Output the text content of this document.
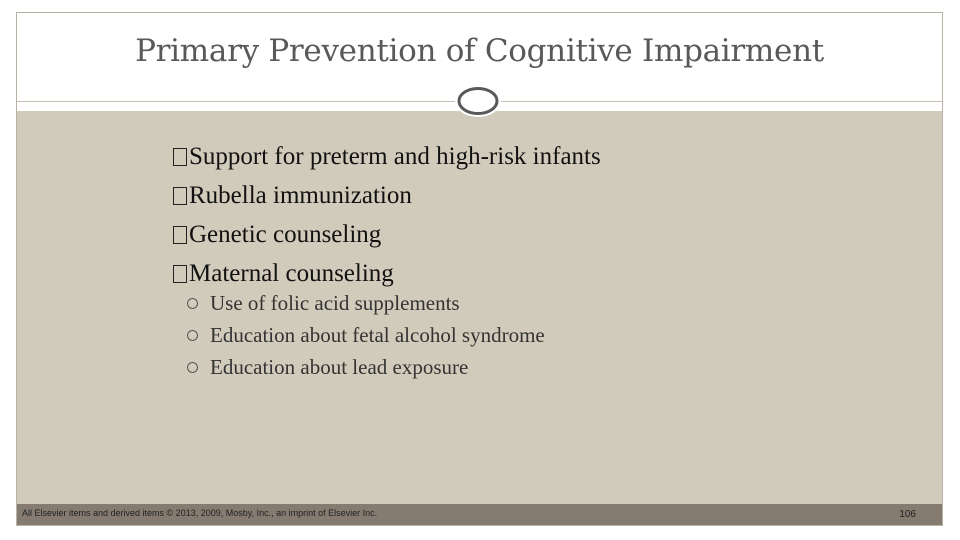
Primary Prevention of Cognitive Impairment
Support for preterm and high-risk infants
Rubella immunization
Genetic counseling
Maternal counseling
Use of folic acid supplements
Education about fetal alcohol syndrome
Education about lead exposure
All Elsevier items and derived items © 2013, 2009, Mosby, Inc., an imprint of Elsevier Inc.	106
